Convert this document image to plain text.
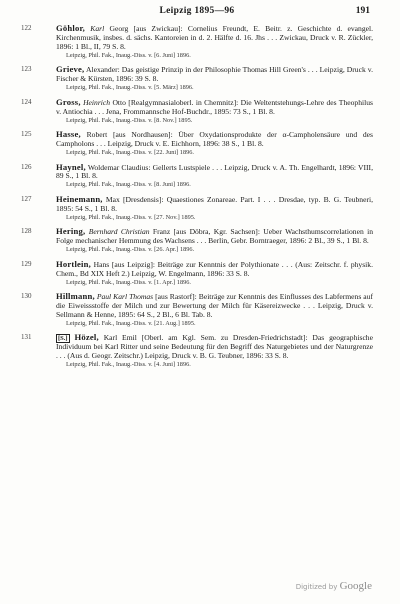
Leipzig 1895—96	191
122	Göhlor, Karl Georg [aus Zwickau]: Cornelius Freundt, E. Beitr. z. Geschichte d. evangel. Kirchenmusik, insbes. d. sächs. Kantoreien in d. 2. Hälfte d. 16. Jhs . . . Zwickau, Druck v. R. Zückler, 1896: 1 Bl., II, 79 S. 8.
Leipzig, Phil. Fak., Inaug.-Diss. v. [6. Juni] 1896.
123	Grieve, Alexander: Das geistige Prinzip in der Philosophie Thomas Hill Green's . . . Leipzig, Druck v. Fischer & Kürsten, 1896: 39 S. 8.
Leipzig, Phil. Fak., Inaug.-Diss. v. [5. März] 1896.
124	Gross, Heinrich Otto [Realgymnasialoberl. in Chemnitz]: Die Weltentstehungs-Lehre des Theophilus v. Antiochia . . . Jena, Frommannsche Hof-Buchdr., 1895: 73 S., 1 Bl. 8.
Leipzig, Phil. Fak., Inaug.-Diss. v. [8. Nov.] 1895.
125	Hasse, Robert [aus Nordhausen]: Über Oxydationsprodukte der α-Campholensäure und des Campholons . . . Leipzig, Druck v. E. Eichhorn, 1896: 38 S., 1 Bl. 8.
Leipzig, Phil. Fak., Inaug.-Diss. v. [22. Juni] 1896.
126	Haynel, Woldemar Claudius: Gellerts Lustspiele . . . Leipzig, Druck v. A. Th. Engelhardt, 1896: VIII, 89 S., 1 Bl. 8.
Leipzig, Phil. Fak., Inaug.-Diss. v. [8. Juni] 1896.
127	Heinemann, Max [Dresdensis]: Quaestiones Zonareae. Part. I . . . Dresdae, typ. B. G. Teubneri, 1895: 54 S., 1 Bl. 8.
Leipzig, Phil. Fak., Inaug.-Diss. v. [27. Nov.] 1895.
128	Hering, Bernhard Christian Franz [aus Döbra, Kgr. Sachsen]: Ueber Wachsthumscorrelationen in Folge mechanischer Hemmung des Wachsens . . . Berlin, Gebr. Borntraeger, 1896: 2 Bl., 39 S., 1 Bl. 8.
Leipzig, Phil. Fak., Inaug.-Diss. v. [26. Apr.] 1896.
129	Hortlein, Hans [aus Leipzig]: Beiträge zur Kenntnis der Polythionate . . . (Aus: Zeitschr. f. physik. Chem., Bd XIX Heft 2.) Leipzig, W. Engelmann, 1896: 33 S. 8.
Leipzig, Phil. Fak., Inaug.-Diss. v. [1. Apr.] 1896.
130	Hillmann, Paul Karl Thomas [aus Rastorf]: Beiträge zur Kenntnis des Einflusses des Labfermens auf die Eiweissstoffe der Milch und zur Bewertung der Milch für Käsereizwecke . . . Leipzig, Druck v. Sellmann & Henne, 1895: 64 S., 2 Bl., 6 Bl. Tab. 8.
Leipzig, Phil. Fak., Inaug.-Diss. v. [21. Aug.] 1895.
131	[S.] Hözel, Karl Emil [Oberl. am Kgl. Sem. zu Dresden-Friedrichstadt]: Das geographische Individuum bei Karl Ritter und seine Bedeutung für den Begriff des Naturgebietes und der Naturgrenze . . . (Aus d. Geogr. Zeitschr.) Leipzig, Druck v. B. G. Teubner, 1896: 33 S. 8.
Leipzig, Phil. Fak., Inaug.-Diss. v. [4. Juni] 1896.
Digitized by Google
